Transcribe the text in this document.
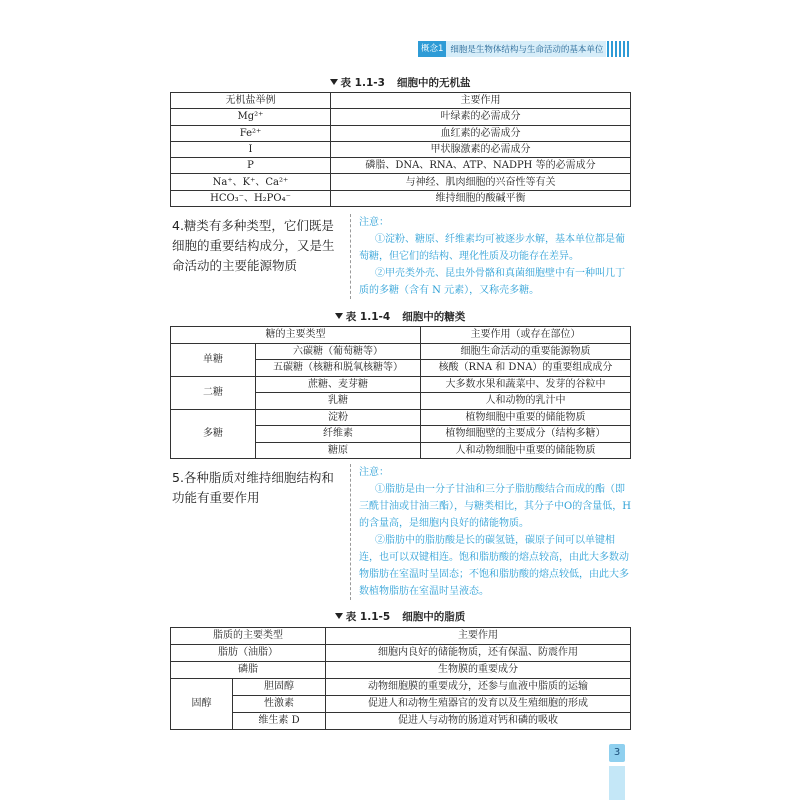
概念1 细胞是生物体结构与生命活动的基本单位
表 1.1-3 细胞中的无机盐
无机盐举例	主要作用
Mg²⁺	叶绿素的必需成分
Fe²⁺	血红素的必需成分
I	甲状腺激素的必需成分
P	磷脂、DNA、RNA、ATP、NADPH 等的必需成分
Na⁺、K⁺、Ca²⁺	与神经、肌肉细胞的兴奋性等有关
HCO₃⁻、H₂PO₄⁻	维持细胞的酸碱平衡
4.糖类有多种类型，它们既是细胞的重要结构成分，又是生命活动的主要能源物质
注意：

①淀粉、糖原、纤维素均可被逐步水解，基本单位都是葡萄糖，但它们的结构、理化性质及功能存在差异。

②甲壳类外壳、昆虫外骨骼和真菌细胞壁中有一种叫几丁质的多糖（含有 N 元素），又称壳多糖。

表 1.1-4 细胞中的糖类
糖的主要类型		主要作用（或存在部位）
单糖	六碳糖（葡萄糖等）	细胞生命活动的重要能源物质
	五碳糖（核糖和脱氧核糖等）	核酸（RNA 和 DNA）的重要组成成分
二糖	蔗糖、麦芽糖	大多数水果和蔬菜中、发芽的谷粒中
	乳糖	人和动物的乳汁中
多糖	淀粉	植物细胞中重要的储能物质
	纤维素	植物细胞壁的主要成分（结构多糖）
	糖原	人和动物细胞中重要的储能物质
5.各种脂质对维持细胞结构和功能有重要作用
注意：

①脂肪是由一分子甘油和三分子脂肪酸结合而成的酯（即三酰甘油或甘油三酯），与糖类相比，其分子中O的含量低，H的含量高，是细胞内良好的储能物质。

②脂肪中的脂肪酸是长的碳氢链，碳原子间可以单键相连，也可以双键相连。饱和脂肪酸的熔点较高，由此大多数动物脂肪在室温时呈固态；不饱和脂肪酸的熔点较低，由此大多数植物脂肪在室温时呈液态。

表 1.1-5 细胞中的脂质
脂质的主要类型		主要作用
脂肪（油脂）		细胞内良好的储能物质，还有保温、防震作用
磷脂		生物膜的重要成分
固醇	胆固醇	动物细胞膜的重要成分，还参与血液中脂质的运输
	性激素	促进人和动物生殖器官的发育以及生殖细胞的形成
	维生素 D	促进人与动物的肠道对钙和磷的吸收
3
